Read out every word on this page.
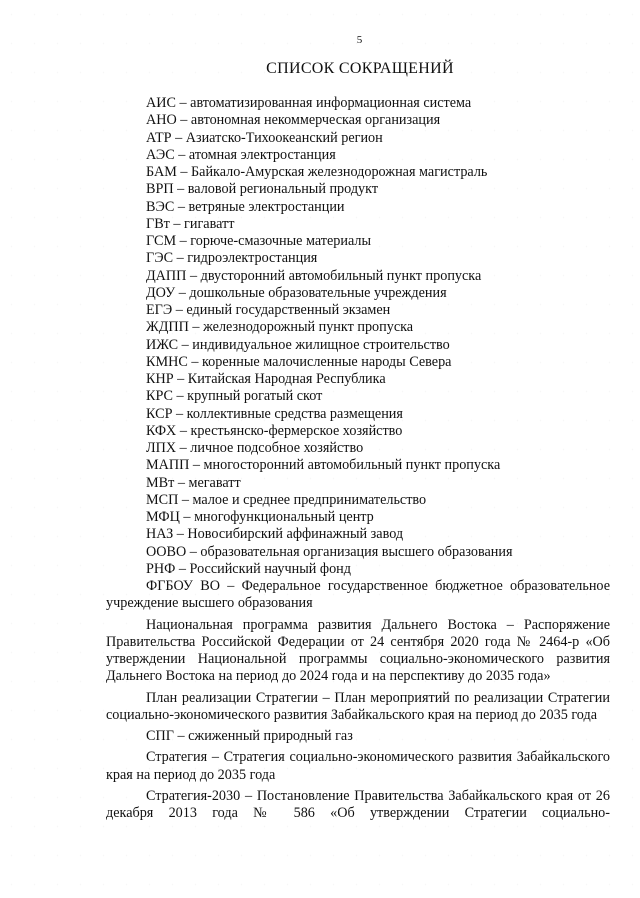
5
СПИСОК СОКРАЩЕНИЙ
АИС – автоматизированная информационная система
АНО – автономная некоммерческая организация
АТР – Азиатско-Тихоокеанский регион
АЭС – атомная электростанция
БАМ – Байкало-Амурская железнодорожная магистраль
ВРП – валовой региональный продукт
ВЭС – ветряные электростанции
ГВт – гигаватт
ГСМ – горюче-смазочные материалы
ГЭС – гидроэлектростанция
ДАПП – двусторонний автомобильный пункт пропуска
ДОУ – дошкольные образовательные учреждения
ЕГЭ – единый государственный экзамен
ЖДПП – железнодорожный пункт пропуска
ИЖС – индивидуальное жилищное строительство
КМНС – коренные малочисленные народы Севера
КНР – Китайская Народная Республика
КРС – крупный рогатый скот
КСР – коллективные средства размещения
КФХ – крестьянско-фермерское хозяйство
ЛПХ – личное подсобное хозяйство
МАПП – многосторонний автомобильный пункт пропуска
МВт – мегаватт
МСП – малое и среднее предпринимательство
МФЦ – многофункциональный центр
НАЗ – Новосибирский аффинажный завод
ООВО – образовательная организация высшего образования
РНФ – Российский научный фонд

ФГБОУ ВО – Федеральное государственное бюджетное образовательное учреждение высшего образования

Национальная программа развития Дальнего Востока – Распоряжение Правительства Российской Федерации от 24 сентября 2020 года № 2464-р «Об утверждении Национальной программы социально-экономического развития Дальнего Востока на период до 2024 года и на перспективу до 2035 года»

План реализации Стратегии – План мероприятий по реализации Стратегии социально-экономического развития Забайкальского края на период до 2035 года

СПГ – сжиженный природный газ

Стратегия – Стратегия социально-экономического развития Забайкальского края на период до 2035 года

Стратегия-2030 – Постановление Правительства Забайкальского края от 26 декабря 2013 года № 586 «Об утверждении Стратегии социально-
